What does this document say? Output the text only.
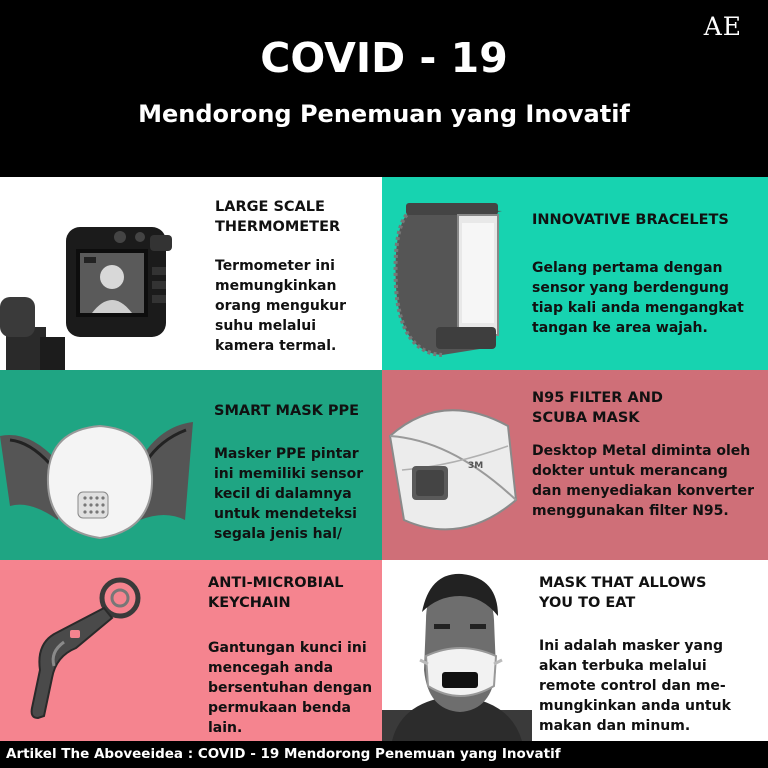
COVID - 19
Mendorong Penemuan yang Inovatif
AE
LARGE SCALE
THERMOMETER
Termometer ini
memungkinkan
orang mengukur
suhu melalui
kamera termal.
INNOVATIVE BRACELETS
Gelang pertama dengan
sensor yang berdengung
tiap kali anda mengangkat
tangan ke area wajah.
SMART MASK PPE
Masker PPE pintar
ini memiliki sensor
kecil di dalamnya
untuk mendeteksi
segala jenis hal/
3M
N95 FILTER AND
SCUBA MASK
Desktop Metal diminta oleh
dokter untuk merancang
dan menyediakan konverter
menggunakan filter N95.
ANTI-MICROBIAL
KEYCHAIN
Gantungan kunci ini
mencegah anda
bersentuhan dengan
permukaan benda
lain.
MASK THAT ALLOWS
YOU TO EAT
Ini adalah masker yang
akan terbuka melalui
remote control dan me-
mungkinkan anda untuk
makan dan minum.
Artikel The Aboveeidea : COVID - 19 Mendorong Penemuan yang Inovatif
